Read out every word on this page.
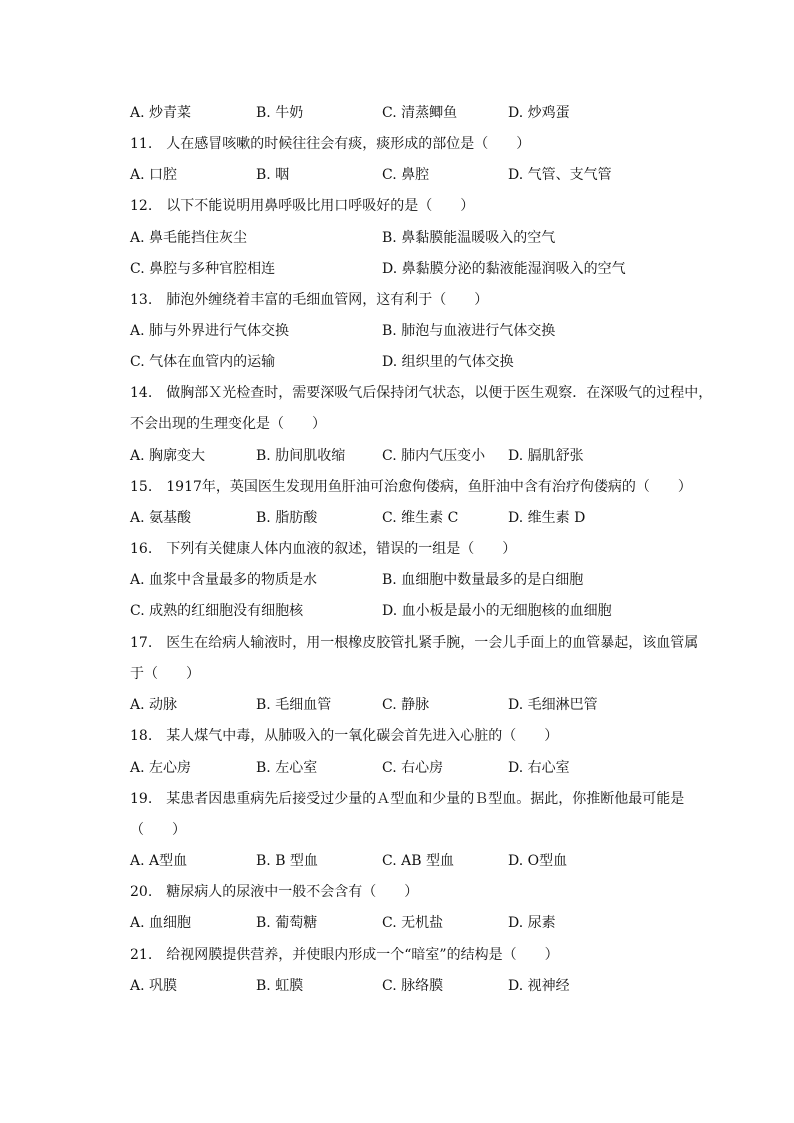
A. 炒青菜	B. 牛奶	C. 清蒸鲫鱼	D. 炒鸡蛋
11.　人在感冒咳嗽的时候往往会有痰，痰形成的部位是（　　）
A. 口腔	B. 咽	C. 鼻腔	D. 气管、支气管
12.　以下不能说明用鼻呼吸比用口呼吸好的是（　　）
A. 鼻毛能挡住灰尘	B. 鼻黏膜能温暖吸入的空气
C. 鼻腔与多种官腔相连	D. 鼻黏膜分泌的黏液能湿润吸入的空气
13.　肺泡外缠绕着丰富的毛细血管网，这有利于（　　）
A. 肺与外界进行气体交换	B. 肺泡与血液进行气体交换
C. 气体在血管内的运输	D. 组织里的气体交换
14.　做胸部Ｘ光检查时，需要深吸气后保持闭气状态，以便于医生观察．在深吸气的过程中，
不会出现的生理变化是（　　）
A. 胸廓变大	B. 肋间肌收缩	C. 肺内气压变小 D. 膈肌舒张
15.　1917年，英国医生发现用鱼肝油可治愈佝偻病，鱼肝油中含有治疗佝偻病的（　　）
A. 氨基酸	B. 脂肪酸	C. 维生素 C	D. 维生素 D
16.　下列有关健康人体内血液的叙述，错误的一组是（　　）
A. 血浆中含量最多的物质是水	B. 血细胞中数量最多的是白细胞
C. 成熟的红细胞没有细胞核	D. 血小板是最小的无细胞核的血细胞
17.　医生在给病人输液时，用一根橡皮胶管扎紧手腕，一会儿手面上的血管暴起，该血管属
于（　　）
A. 动脉	B. 毛细血管	C. 静脉	D. 毛细淋巴管
18.　某人煤气中毒，从肺吸入的一氧化碳会首先进入心脏的（　　）
A. 左心房	B. 左心室	C. 右心房	D. 右心室
19.　某患者因患重病先后接受过少量的Ａ型血和少量的Ｂ型血。据此，你推断他最可能是
（　　）
A. A型血	B. B 型血	C. AB 型血	D. O型血
20.　糖尿病人的尿液中一般不会含有（　　）
A. 血细胞	B. 葡萄糖	C. 无机盐	D. 尿素
21.　给视网膜提供营养，并使眼内形成一个“暗室”的结构是（　　）
A. 巩膜	B. 虹膜	C. 脉络膜	D. 视神经
